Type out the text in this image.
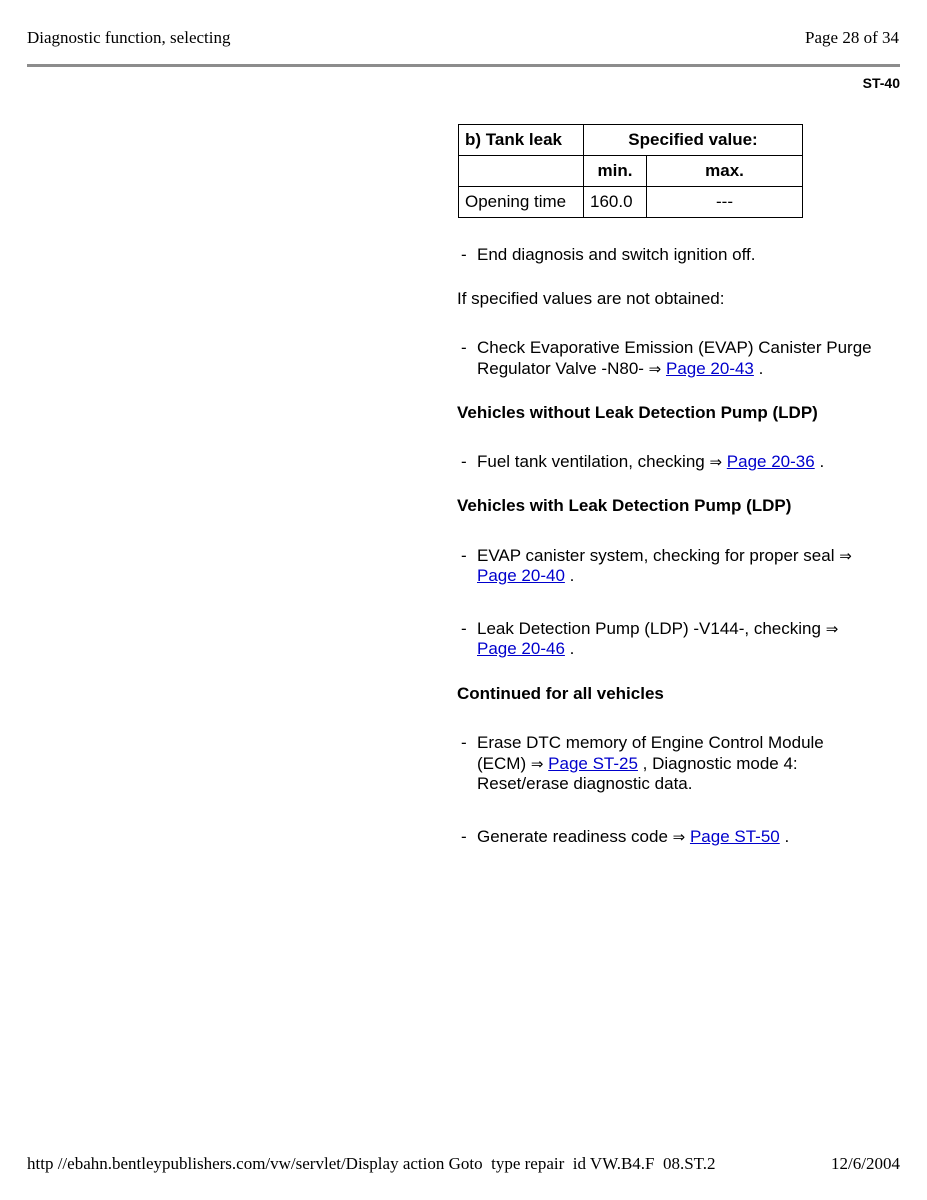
Diagnostic function, selecting	Page 28 of 34
ST-40
b) Tank leak	Specified value:	
	min.	max.
Opening time	160.0	---
- End diagnosis and switch ignition off.

If specified values are not obtained:

- Check Evaporative Emission (EVAP) Canister Purge Regulator Valve -N80- ⇒ Page 20-43 .

Vehicles without Leak Detection Pump (LDP)

- Fuel tank ventilation, checking ⇒ Page 20-36 .

Vehicles with Leak Detection Pump (LDP)

- EVAP canister system, checking for proper seal ⇒ Page 20-40 .
- Leak Detection Pump (LDP) -V144-, checking ⇒ Page 20-46 .

Continued for all vehicles

- Erase DTC memory of Engine Control Module (ECM) ⇒ Page ST-25 , Diagnostic mode 4: Reset/erase diagnostic data.
- Generate readiness code ⇒ Page ST-50 .
http //ebahn.bentleypublishers.com/vw/servlet/Display action Goto  type repair  id VW.B4.F  08.ST.2	12/6/2004
